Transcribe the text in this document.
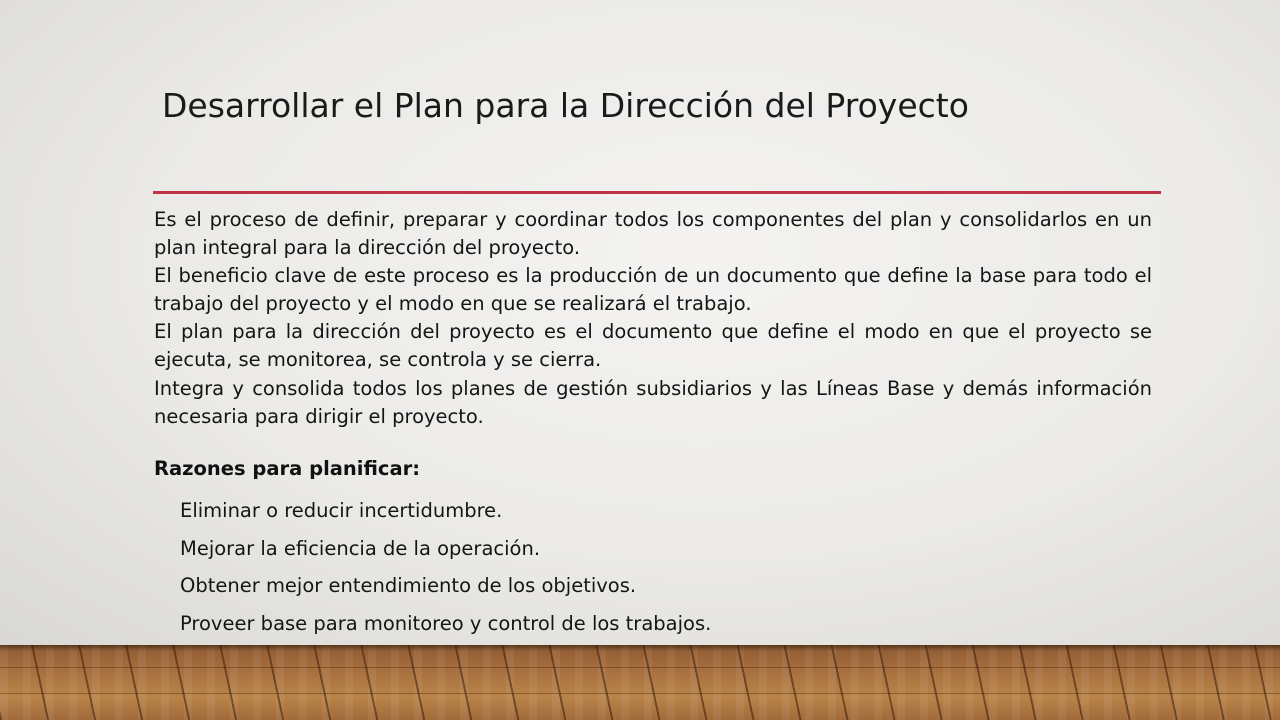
Desarrollar el Plan para la Dirección del Proyecto

Es el proceso de definir, preparar y coordinar todos los componentes del plan y consolidarlos en un plan integral para la dirección del proyecto.

El beneficio clave de este proceso es la producción de un documento que define la base para todo el trabajo del proyecto y el modo en que se realizará el trabajo.

El plan para la dirección del proyecto es el documento que define el modo en que el proyecto se ejecuta, se monitorea, se controla y se cierra.

Integra y consolida todos los planes de gestión subsidiarios y las Líneas Base y demás información necesaria para dirigir el proyecto.

Razones para planificar:
Eliminar o reducir incertidumbre.
Mejorar la eficiencia de la operación.
Obtener mejor entendimiento de los objetivos.
Proveer base para monitoreo y control de los trabajos.
